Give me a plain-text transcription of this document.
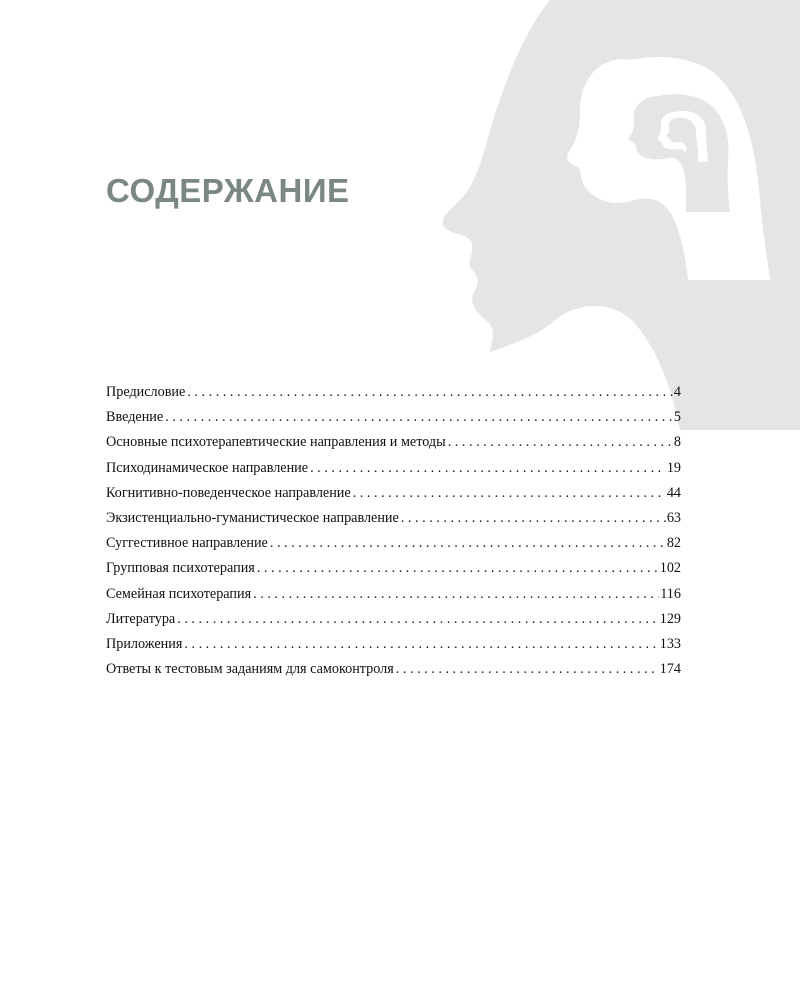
СОДЕРЖАНИЕ
Предисловие . . .	4
Введение . . .	5
Основные психотерапевтические направления и методы . . .	8
Психодинамическое направление . . .	19
Когнитивно-поведенческое направление . . .	44
Экзистенциально-гуманистическое направление . . .	63
Суггестивное направление . . .	82
Групповая психотерапия . . .	102
Семейная психотерапия . . .	116
Литература . . .	129
Приложения . . .	133
Ответы к тестовым заданиям для самоконтроля . . .	174
